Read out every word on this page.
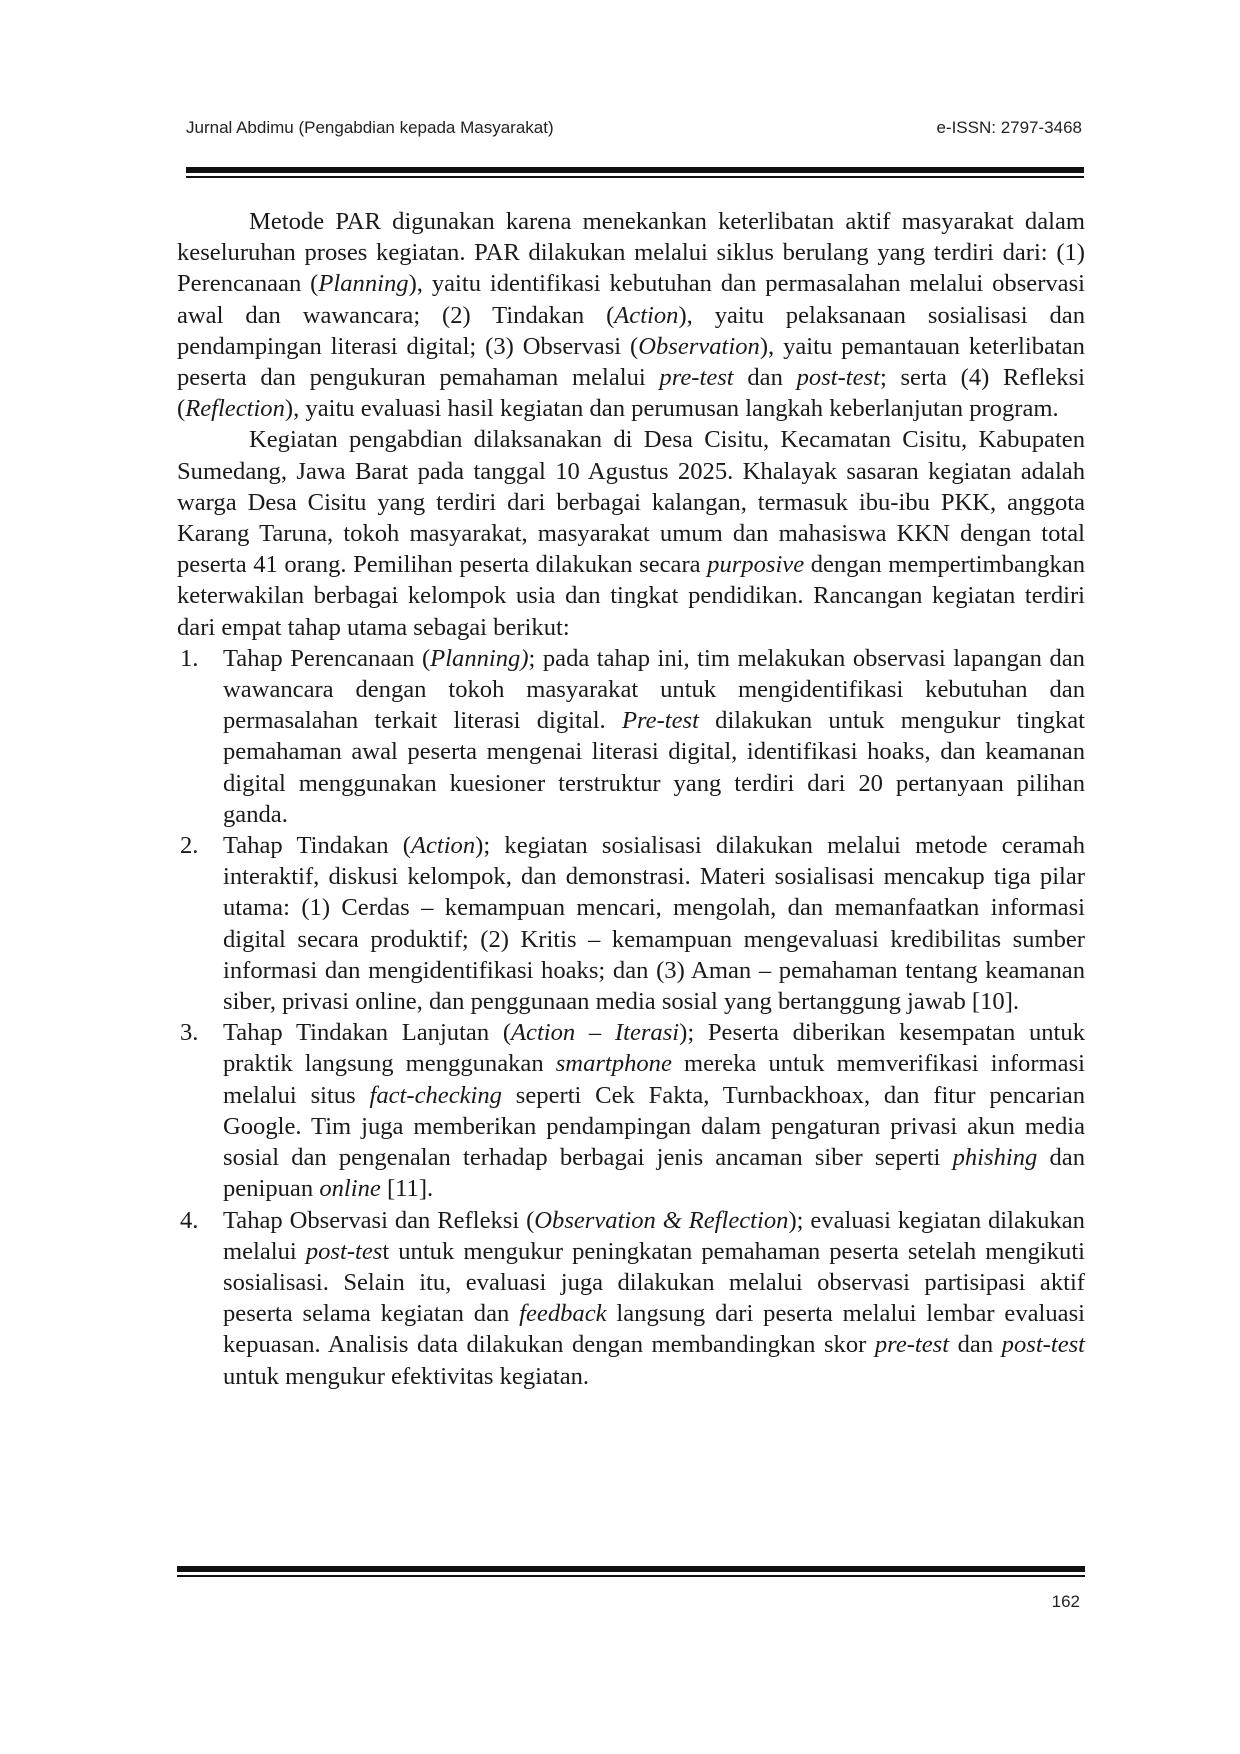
Jurnal Abdimu (Pengabdian kepada Masyarakat)	e-ISSN: 2797-3468

Metode PAR digunakan karena menekankan keterlibatan aktif masyarakat dalam keseluruhan proses kegiatan. PAR dilakukan melalui siklus berulang yang terdiri dari: (1) Perencanaan (Planning), yaitu identifikasi kebutuhan dan permasalahan melalui observasi awal dan wawancara; (2) Tindakan (Action), yaitu pelaksanaan sosialisasi dan pendampingan literasi digital; (3) Observasi (Observation), yaitu pemantauan keterlibatan peserta dan pengukuran pemahaman melalui pre-test dan post-test; serta (4) Refleksi (Reflection), yaitu evaluasi hasil kegiatan dan perumusan langkah keberlanjutan program.

Kegiatan pengabdian dilaksanakan di Desa Cisitu, Kecamatan Cisitu, Kabupaten Sumedang, Jawa Barat pada tanggal 10 Agustus 2025. Khalayak sasaran kegiatan adalah warga Desa Cisitu yang terdiri dari berbagai kalangan, termasuk ibu-ibu PKK, anggota Karang Taruna, tokoh masyarakat, masyarakat umum dan mahasiswa KKN dengan total peserta 41 orang. Pemilihan peserta dilakukan secara purposive dengan mempertimbangkan keterwakilan berbagai kelompok usia dan tingkat pendidikan. Rancangan kegiatan terdiri dari empat tahap utama sebagai berikut:

1. Tahap Perencanaan (Planning); pada tahap ini, tim melakukan observasi lapangan dan wawancara dengan tokoh masyarakat untuk mengidentifikasi kebutuhan dan permasalahan terkait literasi digital. Pre-test dilakukan untuk mengukur tingkat pemahaman awal peserta mengenai literasi digital, identifikasi hoaks, dan keamanan digital menggunakan kuesioner terstruktur yang terdiri dari 20 pertanyaan pilihan ganda.
2. Tahap Tindakan (Action); kegiatan sosialisasi dilakukan melalui metode ceramah interaktif, diskusi kelompok, dan demonstrasi. Materi sosialisasi mencakup tiga pilar utama: (1) Cerdas – kemampuan mencari, mengolah, dan memanfaatkan informasi digital secara produktif; (2) Kritis – kemampuan mengevaluasi kredibilitas sumber informasi dan mengidentifikasi hoaks; dan (3) Aman – pemahaman tentang keamanan siber, privasi online, dan penggunaan media sosial yang bertanggung jawab [10].
3. Tahap Tindakan Lanjutan (Action – Iterasi); Peserta diberikan kesempatan untuk praktik langsung menggunakan smartphone mereka untuk memverifikasi informasi melalui situs fact-checking seperti Cek Fakta, Turnbackhoax, dan fitur pencarian Google. Tim juga memberikan pendampingan dalam pengaturan privasi akun media sosial dan pengenalan terhadap berbagai jenis ancaman siber seperti phishing dan penipuan online [11].
4. Tahap Observasi dan Refleksi (Observation & Reflection); evaluasi kegiatan dilakukan melalui post-test untuk mengukur peningkatan pemahaman peserta setelah mengikuti sosialisasi. Selain itu, evaluasi juga dilakukan melalui observasi partisipasi aktif peserta selama kegiatan dan feedback langsung dari peserta melalui lembar evaluasi kepuasan. Analisis data dilakukan dengan membandingkan skor pre-test dan post-test untuk mengukur efektivitas kegiatan.
162
